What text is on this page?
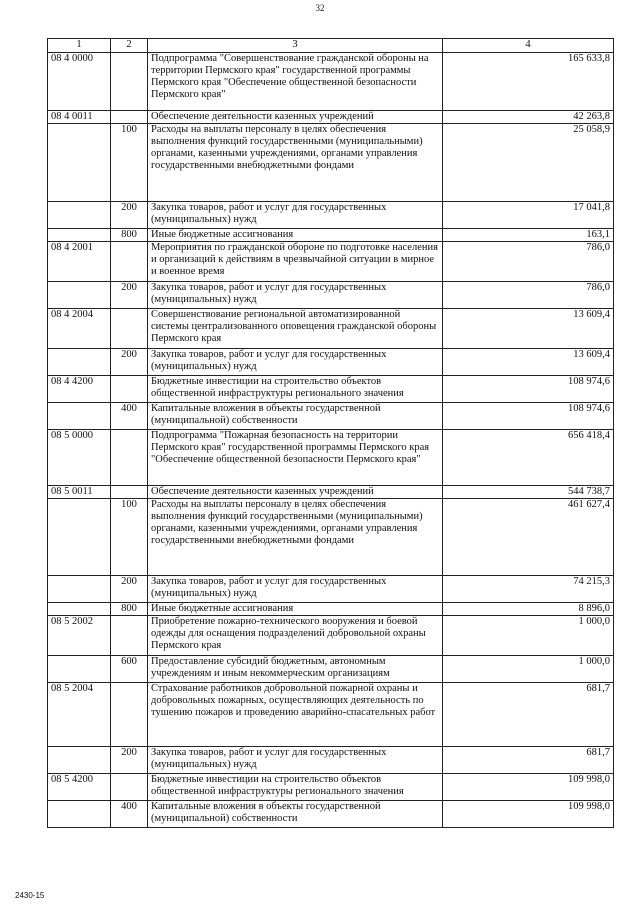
32
1	2	3	4
08 4 0000		Подпрограмма "Совершенствование гражданской обороны на территории Пермского края" государственной программы Пермского края "Обеспечение общественной безопасности Пермского края"	165 633,8
08 4 0011		Обеспечение деятельности казенных учреждений	42 263,8
	100	Расходы на выплаты персоналу в целях обеспечения выполнения функций государственными (муниципальными) органами, казенными учреждениями, органами управления государственными внебюджетными фондами	25 058,9
	200	Закупка товаров, работ и услуг для государственных (муниципальных) нужд	17 041,8
	800	Иные бюджетные ассигнования	163,1
08 4 2001		Мероприятия по гражданской обороне по подготовке населения и организаций к действиям в чрезвычайной ситуации в мирное и военное время	786,0
	200	Закупка товаров, работ и услуг для государственных (муниципальных) нужд	786,0
08 4 2004		Совершенствование региональной автоматизированной системы централизованного оповещения гражданской обороны Пермского края	13 609,4
	200	Закупка товаров, работ и услуг для государственных (муниципальных) нужд	13 609,4
08 4 4200		Бюджетные инвестиции на строительство объектов общественной инфраструктуры регионального значения	108 974,6
	400	Капитальные вложения в объекты государственной (муниципальной) собственности	108 974,6
08 5 0000		Подпрограмма "Пожарная безопасность на территории Пермского края" государственной программы Пермского края "Обеспечение общественной безопасности Пермского края"	656 418,4
08 5 0011		Обеспечение деятельности казенных учреждений	544 738,7
	100	Расходы на выплаты персоналу в целях обеспечения выполнения функций государственными (муниципальными) органами, казенными учреждениями, органами управления государственными внебюджетными фондами	461 627,4
	200	Закупка товаров, работ и услуг для государственных (муниципальных) нужд	74 215,3
	800	Иные бюджетные ассигнования	8 896,0
08 5 2002		Приобретение пожарно-технического вооружения и боевой одежды для оснащения подразделений добровольной охраны Пермского края	1 000,0
	600	Предоставление субсидий бюджетным, автономным учреждениям и иным некоммерческим организациям	1 000,0
08 5 2004		Страхование работников добровольной пожарной охраны и добровольных пожарных, осуществляющих деятельность по тушению пожаров и проведению аварийно-спасательных работ	681,7
	200	Закупка товаров, работ и услуг для государственных (муниципальных) нужд	681,7
08 5 4200		Бюджетные инвестиции на строительство объектов общественной инфраструктуры регионального значения	109 998,0
	400	Капитальные вложения в объекты государственной (муниципальной) собственности	109 998,0
2430-15
